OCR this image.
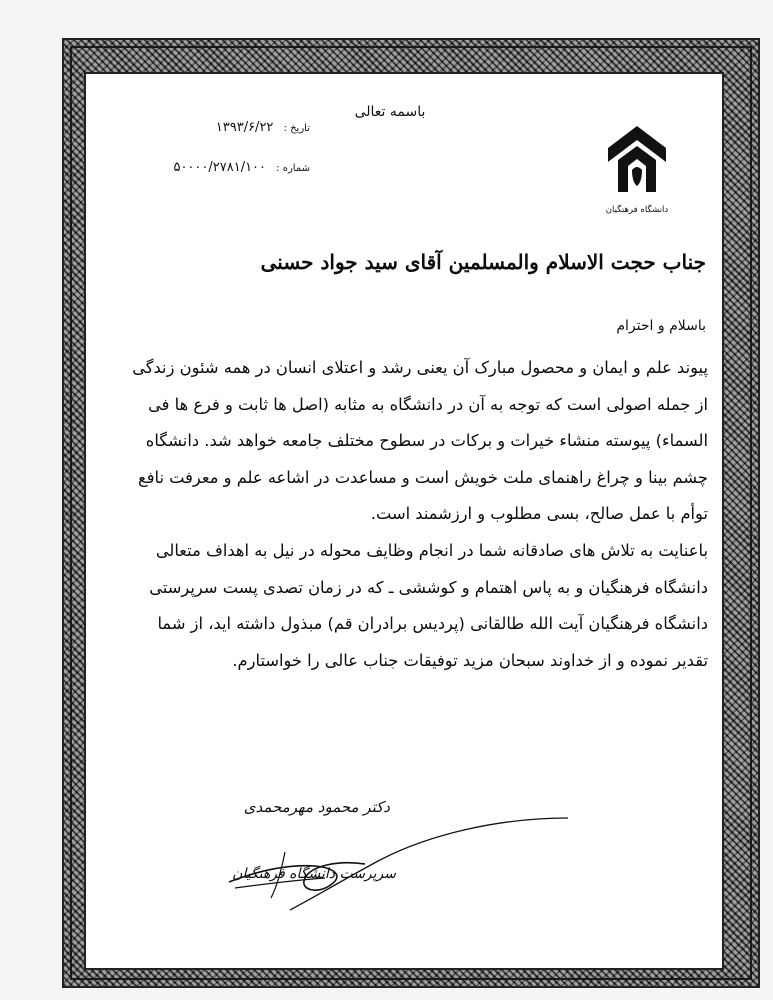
باسمه تعالی
تاریخ : ۱۳۹۳/۶/۲۲
شماره : ۵۰۰۰۰/۲۷۸۱/۱۰۰
دانشگاه فرهنگیان
جناب حجت الاسلام والمسلمین آقای سید جواد حسنی
باسلام و احترام

پیوند علم و ایمان و محصول مبارک آن یعنی رشد و اعتلای انسان در همه شئون زندگی

از جمله اصولی است که توجه به آن در دانشگاه به مثابه (اصل ها ثابت و فرع ها فی

السماء) پیوسته منشاء خیرات و برکات در سطوح مختلف جامعه خواهد شد. دانشگاه

چشم بینا و چراغ راهنمای ملت خویش است و مساعدت در اشاعه علم و معرفت نافع

توأم با عمل صالح، بسی مطلوب و ارزشمند است.

باعنایت به تلاش های صادقانه شما در انجام وظایف محوله در نیل به اهداف متعالی

دانشگاه فرهنگیان و به پاس اهتمام و کوششی ـ که در زمان تصدی پست سرپرستی

دانشگاه فرهنگیان آیت الله طالقانی (پردیس برادران قم) مبذول داشته اید، از شما

تقدیر نموده و از خداوند سبحان مزید توفیقات جناب عالی را خواستارم.

دکتر محمود مهرمحمدی
سرپرست دانشگاه فرهنگیان
